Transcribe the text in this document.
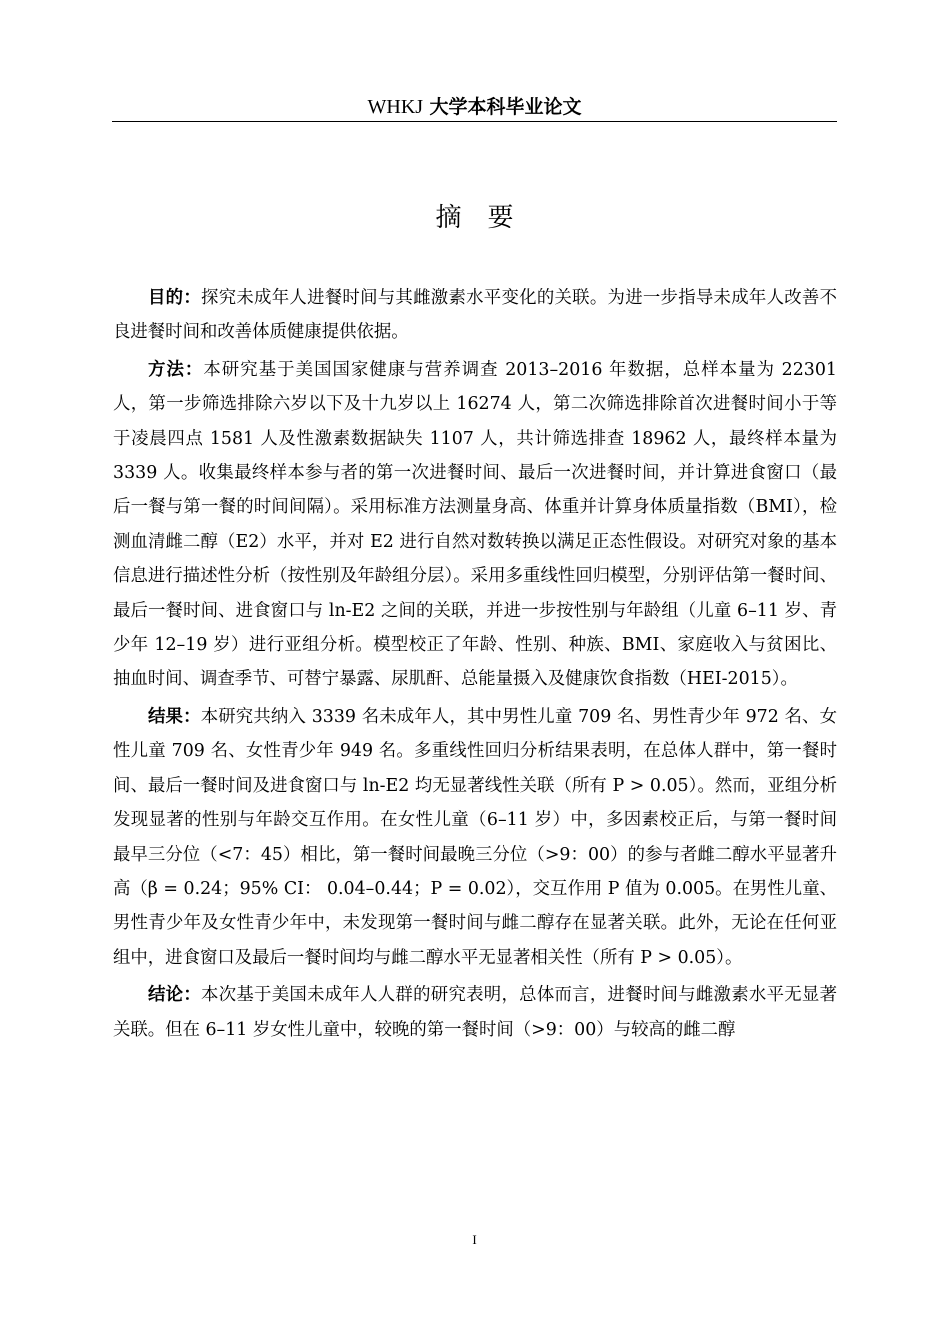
WHKJ 大学本科毕业论文
摘要

目的：探究未成年人进餐时间与其雌激素水平变化的关联。为进一步指导未成年人改善不良进餐时间和改善体质健康提供依据。

方法：本研究基于美国国家健康与营养调查 2013–2016 年数据，总样本量为 22301 人，第一步筛选排除六岁以下及十九岁以上 16274 人，第二次筛选排除首次进餐时间小于等于凌晨四点 1581 人及性激素数据缺失 1107 人，共计筛选排查 18962 人，最终样本量为 3339 人。收集最终样本参与者的第一次进餐时间、最后一次进餐时间，并计算进食窗口（最后一餐与第一餐的时间间隔）。采用标准方法测量身高、体重并计算身体质量指数（BMI），检测血清雌二醇（E2）水平，并对 E2 进行自然对数转换以满足正态性假设。对研究对象的基本信息进行描述性分析（按性别及年龄组分层）。采用多重线性回归模型，分别评估第一餐时间、最后一餐时间、进食窗口与 ln-E2 之间的关联，并进一步按性别与年龄组（儿童 6–11 岁、青少年 12–19 岁）进行亚组分析。模型校正了年龄、性别、种族、BMI、家庭收入与贫困比、抽血时间、调查季节、可替宁暴露、尿肌酐、总能量摄入及健康饮食指数（HEI-2015）。

结果：本研究共纳入 3339 名未成年人，其中男性儿童 709 名、男性青少年 972 名、女性儿童 709 名、女性青少年 949 名。多重线性回归分析结果表明，在总体人群中，第一餐时间、最后一餐时间及进食窗口与 ln-E2 均无显著线性关联（所有 P > 0.05）。然而，亚组分析发现显著的性别与年龄交互作用。在女性儿童（6–11 岁）中，多因素校正后，与第一餐时间最早三分位（<7：45）相比，第一餐时间最晚三分位（>9：00）的参与者雌二醇水平显著升高（β = 0.24；95% CI： 0.04–0.44；P = 0.02），交互作用 P 值为 0.005。在男性儿童、男性青少年及女性青少年中，未发现第一餐时间与雌二醇存在显著关联。此外，无论在任何亚组中，进食窗口及最后一餐时间均与雌二醇水平无显著相关性（所有 P > 0.05）。

结论：本次基于美国未成年人人群的研究表明，总体而言，进餐时间与雌激素水平无显著关联。但在 6–11 岁女性儿童中，较晚的第一餐时间（>9：00）与较高的雌二醇

I
